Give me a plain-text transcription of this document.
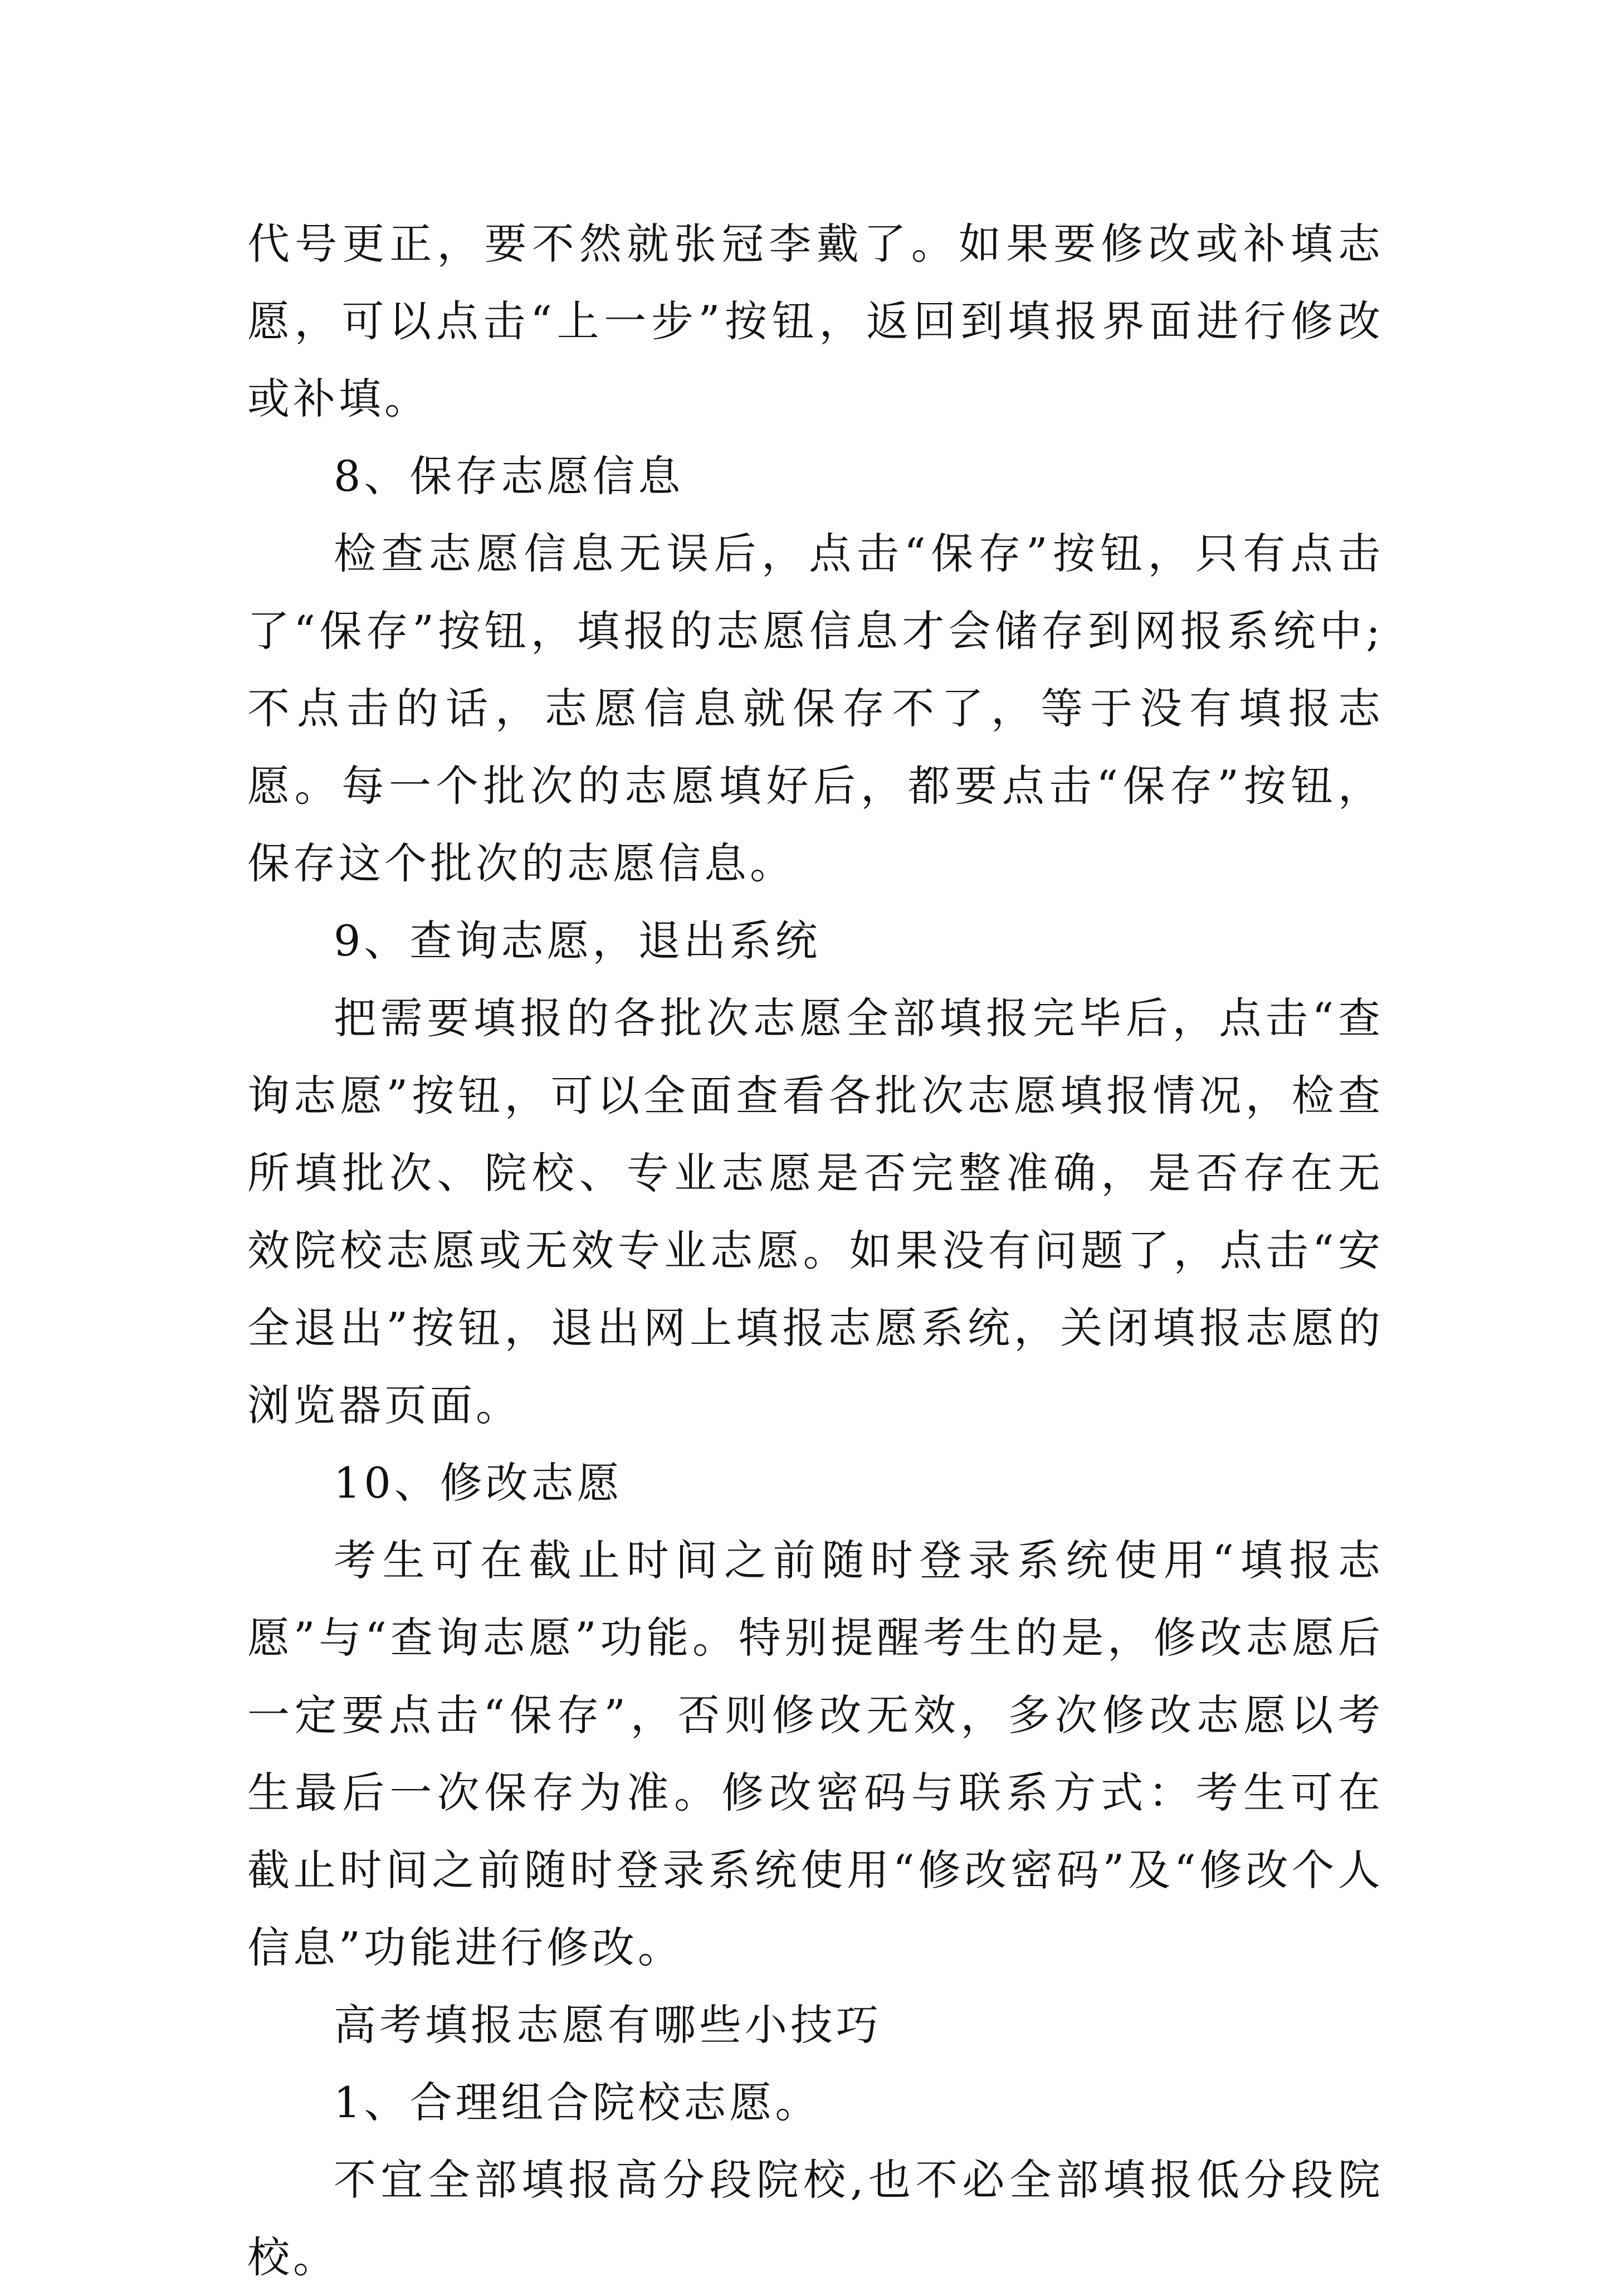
代号更正，要不然就张冠李戴了。如果要修改或补填志愿，可以点击“上一步”按钮，返回到填报界面进行修改或补填。

8、保存志愿信息

检查志愿信息无误后，点击“保存”按钮，只有点击了“保存”按钮，填报的志愿信息才会储存到网报系统中;不点击的话，志愿信息就保存不了，等于没有填报志愿。每一个批次的志愿填好后，都要点击“保存”按钮，保存这个批次的志愿信息。

9、查询志愿，退出系统

把需要填报的各批次志愿全部填报完毕后，点击“查询志愿”按钮，可以全面查看各批次志愿填报情况，检查所填批次、院校、专业志愿是否完整准确，是否存在无效院校志愿或无效专业志愿。如果没有问题了，点击“安全退出”按钮，退出网上填报志愿系统，关闭填报志愿的浏览器页面。

10、修改志愿

考生可在截止时间之前随时登录系统使用“填报志愿”与“查询志愿”功能。特别提醒考生的是，修改志愿后一定要点击“保存”，否则修改无效，多次修改志愿以考生最后一次保存为准。修改密码与联系方式：考生可在截止时间之前随时登录系统使用“修改密码”及“修改个人信息”功能进行修改。

高考填报志愿有哪些小技巧

1、合理组合院校志愿。

不宜全部填报高分段院校,也不必全部填报低分段院校。
